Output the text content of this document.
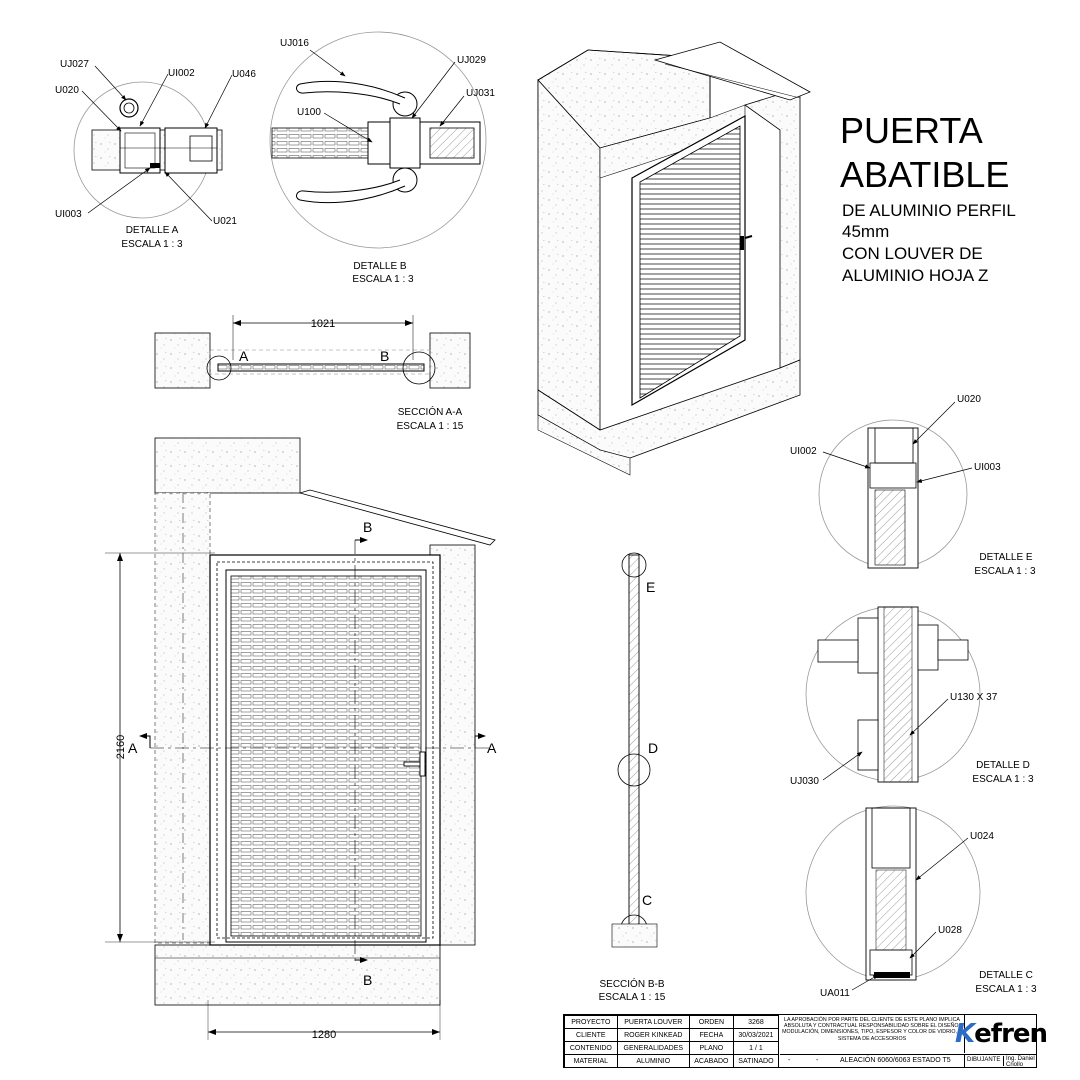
PUERTA
ABATIBLE
DE ALUMINIO PERFIL
45mm
CON LOUVER DE
ALUMINIO HOJA Z
UJ027
UI002	U046
U020
UI003
U021
DETALLE A
ESCALA 1 : 3
UJ016
UJ029
UJ031
U100
DETALLE B
ESCALA 1 : 3
1021
A	B
SECCIÓN A-A
ESCALA 1 : 15
A	A
B
B
2160
1280
E
D
C
SECCIÓN B-B
ESCALA 1 : 15
U020
UI002
UI003
DETALLE E
ESCALA 1 : 3
U130 X 37
UJ030
DETALLE D
ESCALA 1 : 3
U024
U028
UA011
DETALLE C
ESCALA 1 : 3
PROYECTO	PUERTA LOUVER	ORDEN	3268
CLIENTE	ROGER KINKEAD	FECHA	30/03/2021
CONTENIDO	GENERALIDADES	PLANO	1 / 1
MATERIAL	ALUMINIO	ACABADO	SATINADO
LA APROBACIÓN POR PARTE DEL CLIENTE DE ESTE PLANO IMPLICA ABSOLUTA Y CONTRACTUAL RESPONSABILIDAD SOBRE EL DISEÑO, MODULACIÓN, DIMENSIONES, TIPO, ESPESOR Y COLOR DE VIDRIO, Y SISTEMA DE ACCESORIOS
-	-	ALEACIÓN 6060/6063 ESTADO T5
K efren
DIBUJANTE Ing. Daniel Criollo
